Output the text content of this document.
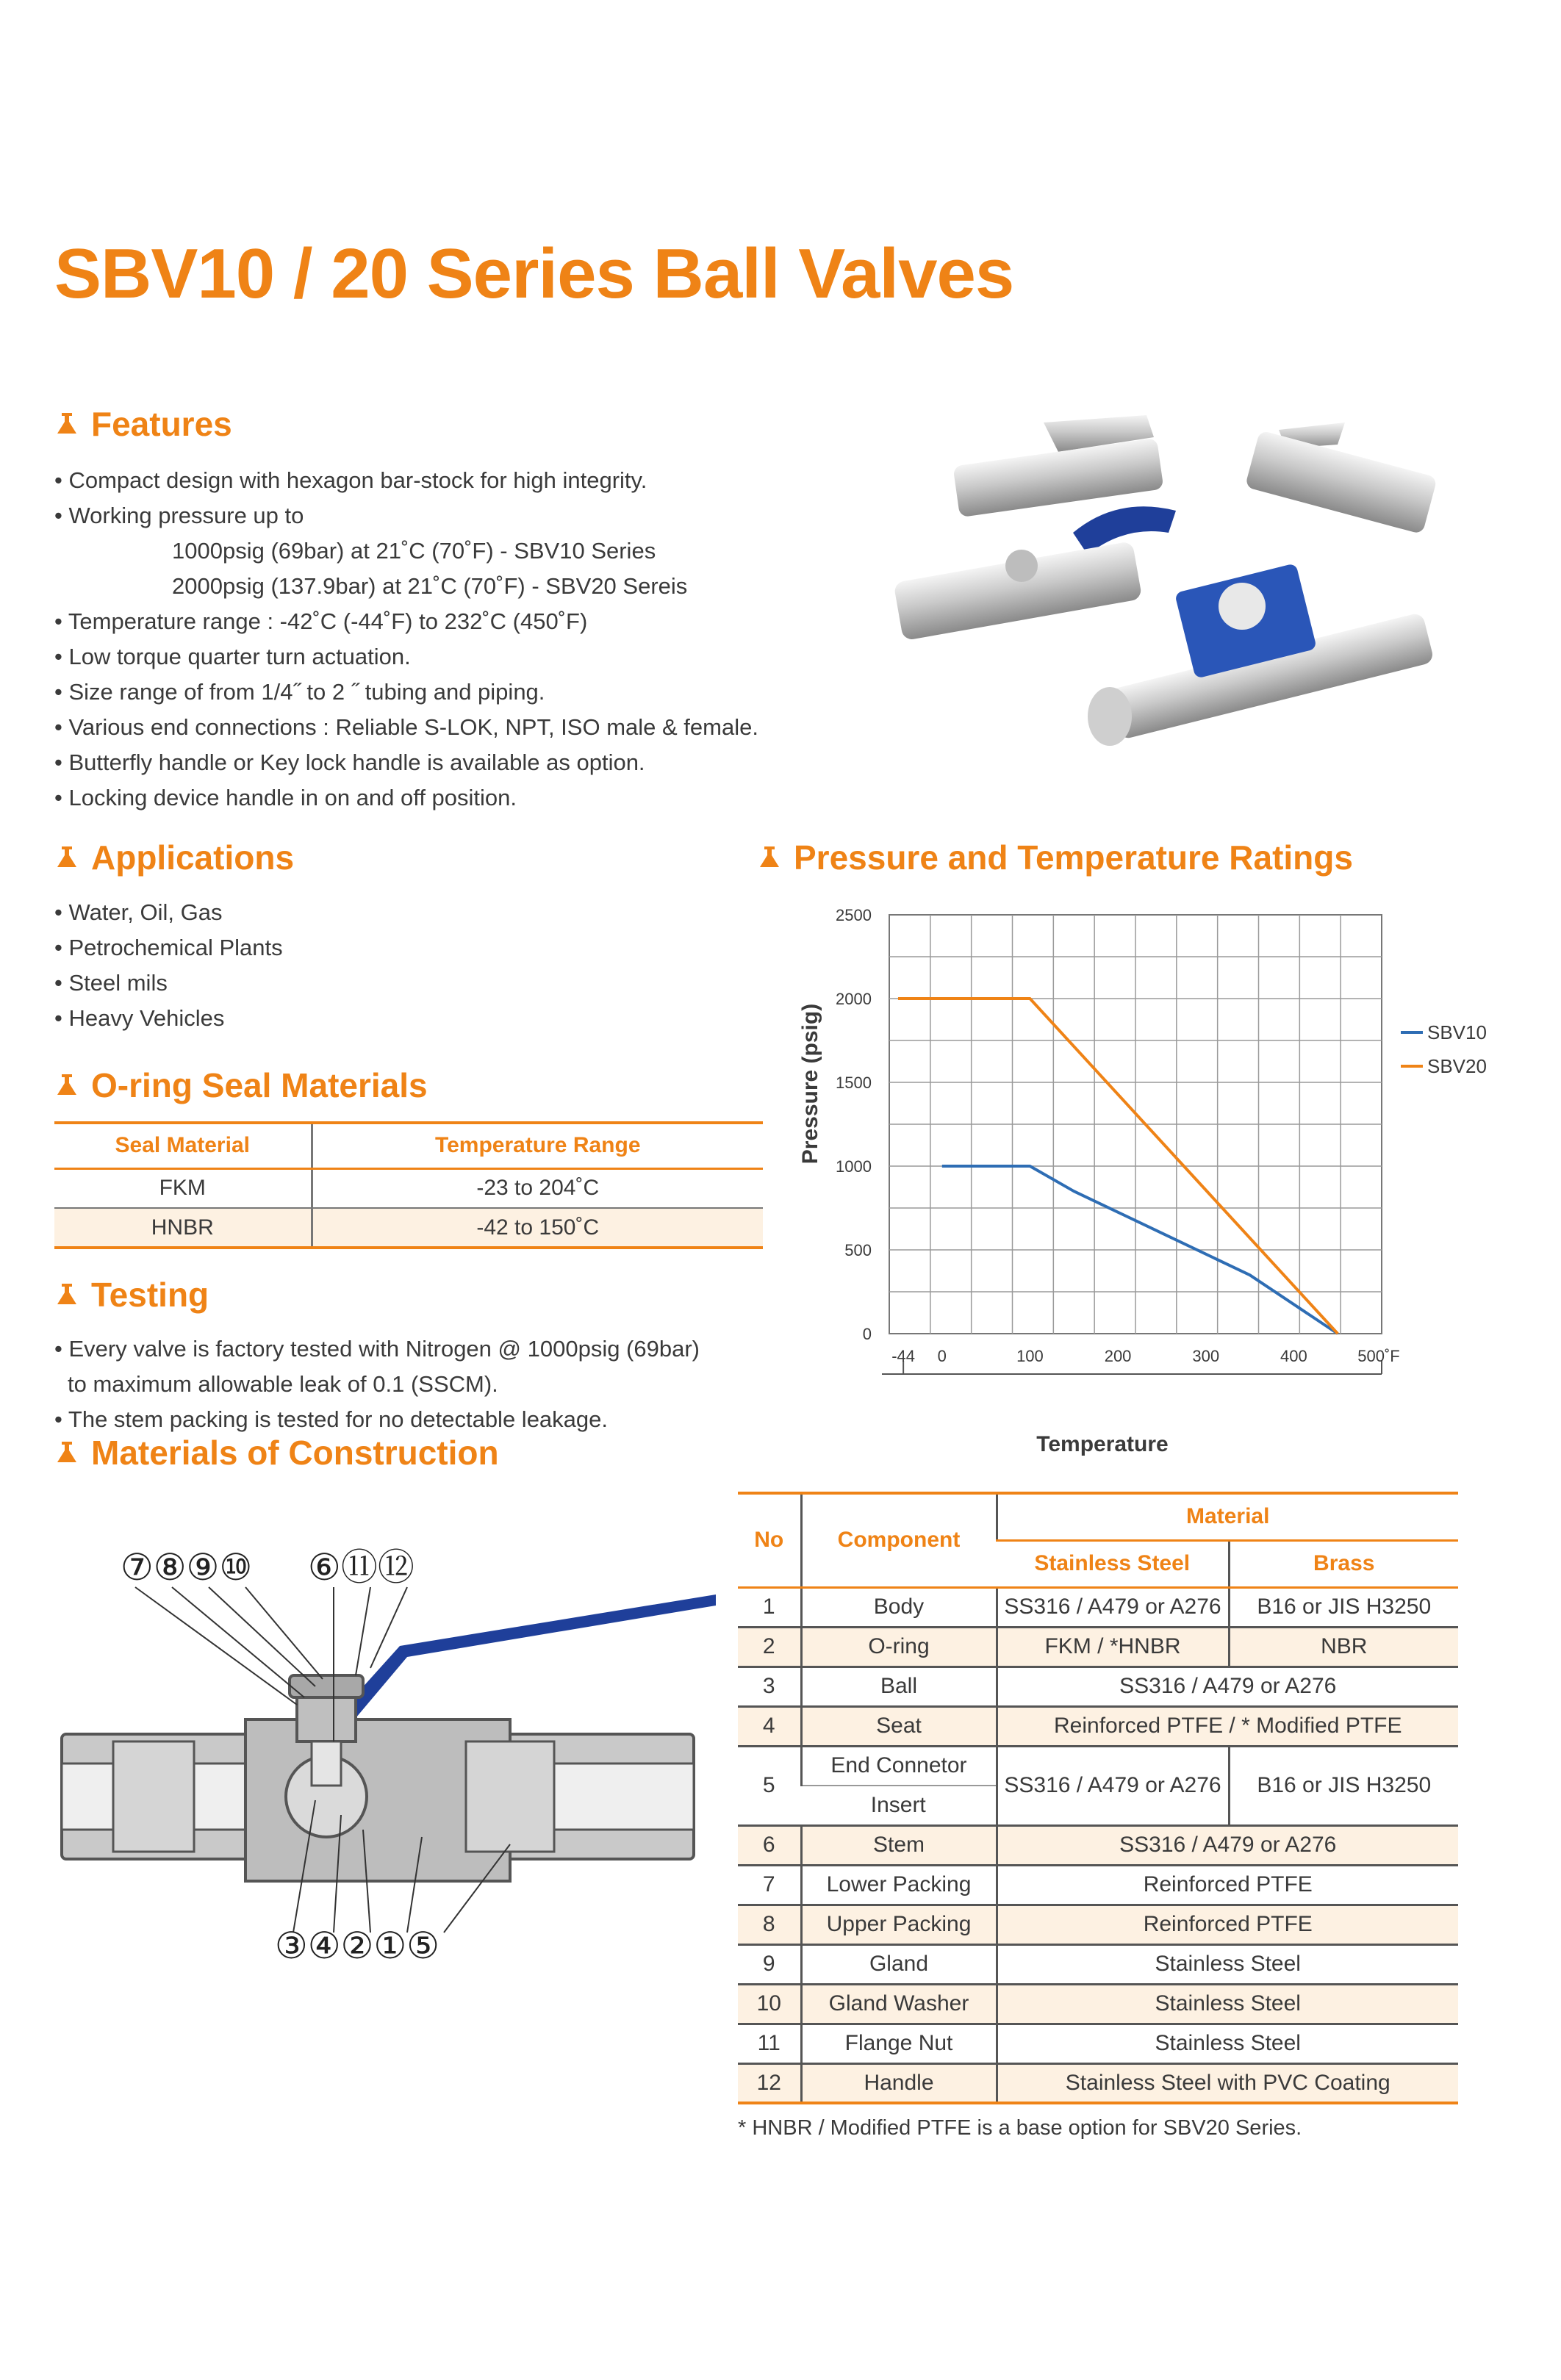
SBV10 / 20 Series Ball Valves
Features
• Compact design with hexagon bar-stock for high integrity.
• Working pressure up to
1000psig (69bar) at 21˚C (70˚F) - SBV10 Series
2000psig (137.9bar) at 21˚C (70˚F) - SBV20 Sereis
• Temperature range : -42˚C (-44˚F) to 232˚C (450˚F)
• Low torque quarter turn actuation.
• Size range of from 1/4˝ to 2 ˝ tubing and piping.
• Various end connections : Reliable S-LOK, NPT, ISO male & female.
• Butterfly handle or Key lock handle is available as option.
• Locking device handle in on and off position.
Applications
• Water, Oil, Gas
• Petrochemical Plants
• Steel mils
• Heavy Vehicles
O-ring Seal Materials
Seal Material	Temperature Range
FKM	-23 to 204˚C
HNBR	-42 to 150˚C
Testing
• Every valve is factory tested with Nitrogen @ 1000psig (69bar)
to maximum allowable leak of 0.1 (SSCM).
• The stem packing is tested for no detectable leakage.
Pressure and Temperature Ratings
0
500
1000
1500
2000
2500
0	100	200	300	400
-44	500˚F
SBV10
SBV20
Pressure (psig)
Temperature
Materials of Construction
⑦⑧⑨⑩ ⑥⑪⑫
③④②①⑤
No	Component	Material	
		Stainless Steel	Brass
1	Body	SS316 / A479 or A276	B16 or JIS H3250
2	O-ring	FKM / *HNBR	NBR
3	Ball	SS316 / A479 or A276	
4	Seat	Reinforced PTFE / * Modified PTFE	
5	End Connetor	SS316 / A479 or A276	B16 or JIS H3250
	Insert		
6	Stem	SS316 / A479 or A276	
7	Lower Packing	Reinforced PTFE	
8	Upper Packing	Reinforced PTFE	
9	Gland	Stainless Steel	
10	Gland Washer	Stainless Steel	
11	Flange Nut	Stainless Steel	
12	Handle	Stainless Steel with PVC Coating	
* HNBR / Modified PTFE is a base option for SBV20 Series.
